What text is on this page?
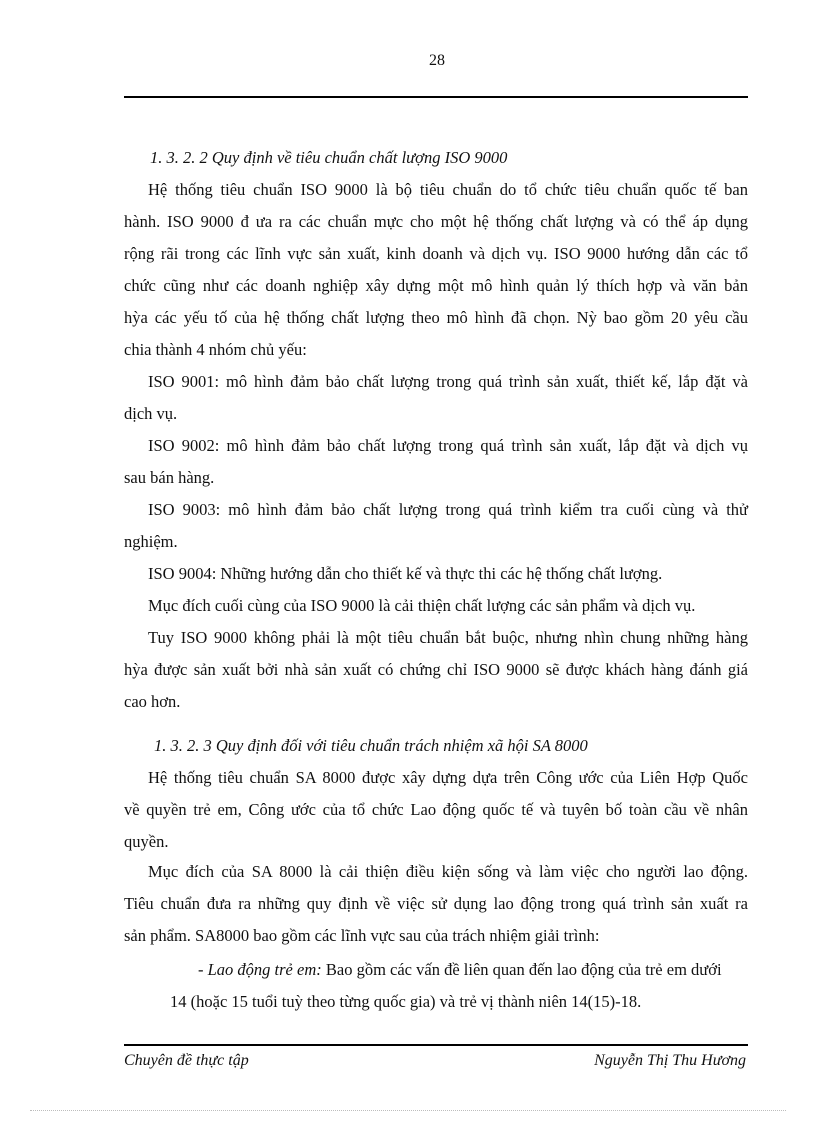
28
1. 3. 2. 2 Quy định về tiêu chuẩn chất lượng ISO 9000
Hệ thống tiêu chuẩn ISO 9000 là bộ tiêu chuẩn do tổ chức tiêu chuẩn quốc tế ban
hành. ISO 9000 đ ưa ra các chuẩn mực cho một hệ thống chất lượng và có thể áp dụng
rộng rãi trong các lĩnh vực sản xuất, kinh doanh và dịch vụ. ISO 9000 hướng dẫn các tổ
chức cũng như các doanh nghiệp xây dựng một mô hình quản lý thích hợp và văn bản
hỳa các yếu tố của hệ thống chất lượng theo mô hình đã chọn. Nỳ bao gồm 20 yêu cầu
chia thành 4 nhóm chủ yếu:
ISO 9001: mô hình đảm bảo chất lượng trong quá trình sản xuất, thiết kế, lắp đặt và
dịch vụ.
ISO 9002: mô hình đảm bảo chất lượng trong quá trình sản xuất, lắp đặt và dịch vụ
sau bán hàng.
ISO 9003: mô hình đảm bảo chất lượng trong quá trình kiểm tra cuối cùng và thử
nghiệm.
ISO 9004: Những hướng dẫn cho thiết kế và thực thi các hệ thống chất lượng.
Mục đích cuối cùng của ISO 9000 là cải thiện chất lượng các sản phẩm và dịch vụ.
Tuy ISO 9000 không phải là một tiêu chuẩn bắt buộc, nhưng nhìn chung những hàng
hỳa được sản xuất bởi nhà sản xuất có chứng chỉ ISO 9000 sẽ được khách hàng đánh giá
cao hơn.
1. 3. 2. 3 Quy định đối với tiêu chuẩn trách nhiệm xã hội SA 8000
Hệ thống tiêu chuẩn SA 8000 được xây dựng dựa trên Công ước của Liên Hợp Quốc
về quyền trẻ em, Công ước của tổ chức Lao động quốc tế và tuyên bố toàn cầu về nhân
quyền.
Mục đích của SA 8000 là cải thiện điều kiện sống và làm việc cho người lao động.
Tiêu chuẩn đưa ra những quy định về việc sử dụng lao động trong quá trình sản xuất ra
sản phẩm. SA8000 bao gồm các lĩnh vực sau của trách nhiệm giải trình:
- Lao động trẻ em: Bao gồm các vấn đề liên quan đến lao động của trẻ em dưới
14 (hoặc 15 tuổi tuỳ theo từng quốc gia) và trẻ vị thành niên 14(15)-18.
Chuyên đề thực tập	Nguyễn Thị Thu Hương
